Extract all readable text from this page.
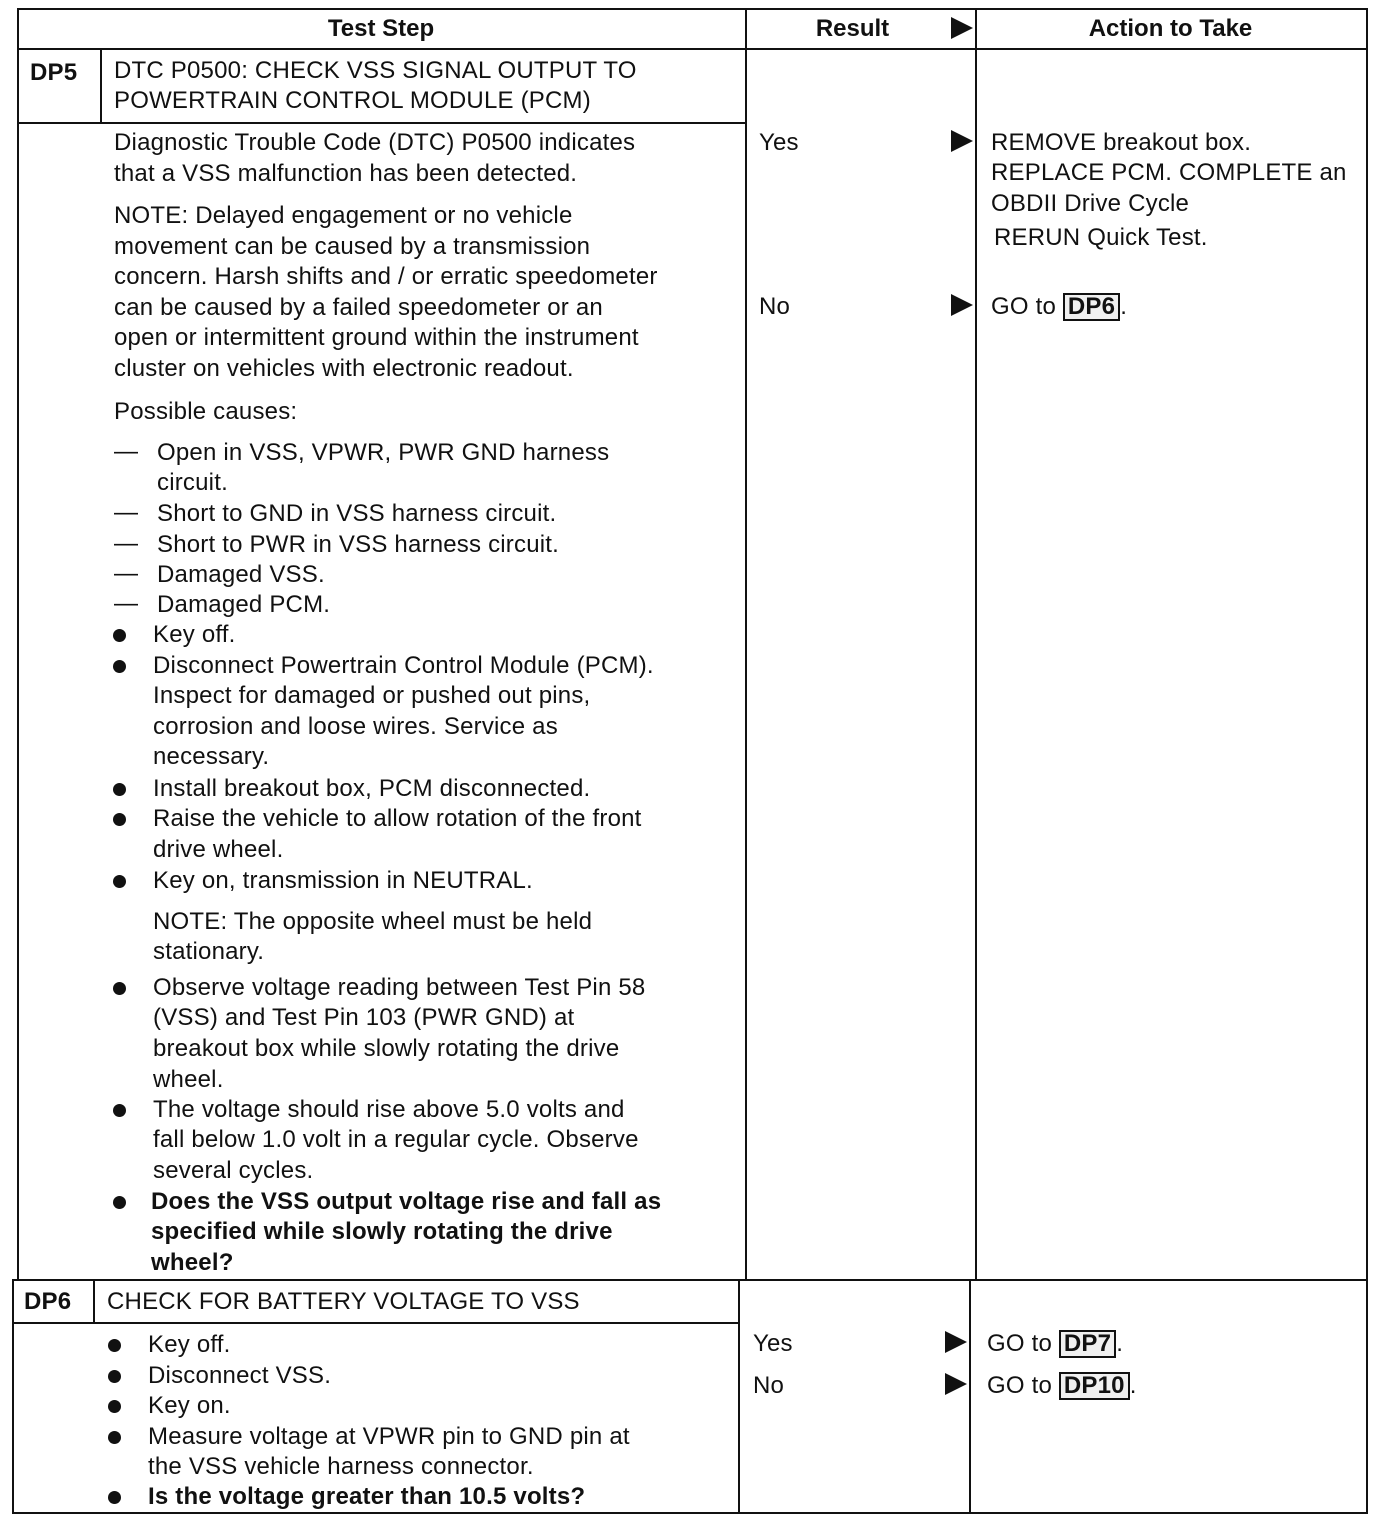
Test Step	Result	Action to Take
DP5 DTC P0500: CHECK VSS SIGNAL OUTPUT TO
POWERTRAIN CONTROL MODULE (PCM)
Diagnostic Trouble Code (DTC) P0500 indicates
that a VSS malfunction has been detected.
NOTE: Delayed engagement or no vehicle
movement can be caused by a transmission
concern. Harsh shifts and / or erratic speedometer
can be caused by a failed speedometer or an
open or intermittent ground within the instrument
cluster on vehicles with electronic readout.
Possible causes:
— Open in VSS, VPWR, PWR GND harness
circuit.
— Short to GND in VSS harness circuit.
— Short to PWR in VSS harness circuit.
— Damaged VSS.
— Damaged PCM.
Key off.
Disconnect Powertrain Control Module (PCM).
Inspect for damaged or pushed out pins,
corrosion and loose wires. Service as
necessary.
Install breakout box, PCM disconnected.
Raise the vehicle to allow rotation of the front
drive wheel.
Key on, transmission in NEUTRAL.
NOTE: The opposite wheel must be held
stationary.
Observe voltage reading between Test Pin 58
(VSS) and Test Pin 103 (PWR GND) at
breakout box while slowly rotating the drive
wheel.
The voltage should rise above 5.0 volts and
fall below 1.0 volt in a regular cycle. Observe
several cycles.
Does the VSS output voltage rise and fall as
specified while slowly rotating the drive
wheel?
Yes	REMOVE breakout box.
REPLACE PCM. COMPLETE an
OBDII Drive Cycle
RERUN Quick Test.
No	GO to DP6 .
DP6 CHECK FOR BATTERY VOLTAGE TO VSS
Key off.
Disconnect VSS.
Key on.
Measure voltage at VPWR pin to GND pin at
the VSS vehicle harness connector.
Is the voltage greater than 10.5 volts?
Yes	GO to DP7 .
No	GO to DP10 .
